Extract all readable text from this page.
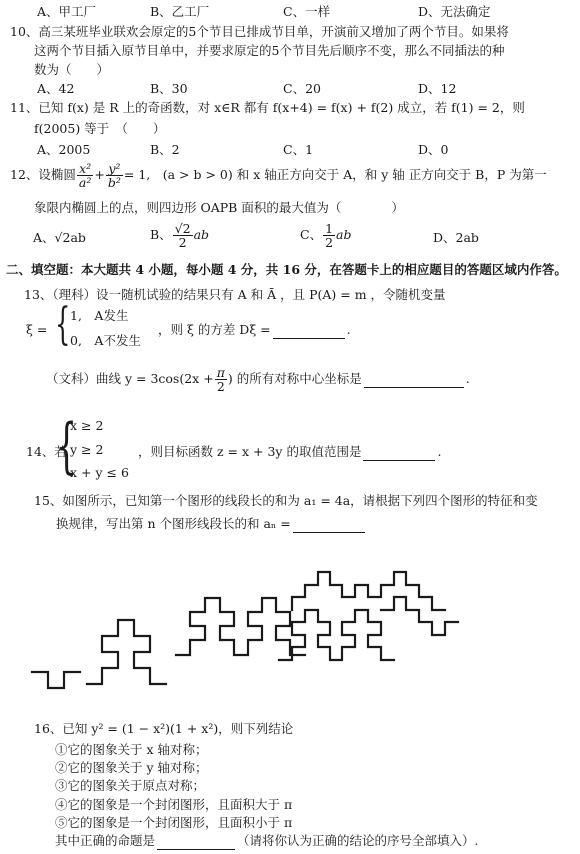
A、甲工厂	B、乙工厂	C、一样	D、无法确定
10、高三某班毕业联欢会原定的5个节目已排成节目单，开演前又增加了两个节目。如果将
这两个节目插入原节目单中，并要求原定的5个节目先后顺序不变，那么不同插法的种
数为（　　）
A、42	B、30	C、20	D、12
11、已知 f(x) 是 R 上的奇函数，对 x∈R 都有 f(x+4) = f(x) + f(2) 成立，若 f(1) = 2，则
f(2005) 等于　（　　）
A、2005	B、2	C、1	D、0
12、设椭圆 $\frac{\text{x²}}{\text{a²}} + \frac{\text{y²}}{\text{b²}} = 1$,　(a > b > 0) 和 x 轴正方向交于 A，和 y 轴 正方向交于 B，P 为第一
象限内椭圆上的点，则四边形 OAPB 面积的最大值为（　　　　）
A、√2ab	B、 $\frac{√2}{2}$ ab	C、 $\frac{1}{2}$ ab	D、2ab
二、填空题：本大题共 4 小题，每小题 4 分，共 16 分，在答题卡上的相应题目的答题区域内作答。
13、（理科）设一随机试验的结果只有 A 和 Ā ，且 P(A) = m ，令随机变量
ξ = { 1,　A发生
0,　A不发生
，则 ξ 的方差 Dξ =	.
（文科）曲线 $y = 3\cos(2x + \frac{\pi}{2}$ ) 的所有对称中心坐标是	.
14、若
{
x ≥ 2
y ≥ 2
x + y ≤ 6
，则目标函数 z = x + 3y 的取值范围是	.
15、如图所示，已知第一个图形的线段长的和为 a₁ = 4a，请根据下列四个图形的特征和变
换规律，写出第 n 个图形线段长的和 aₙ =
16、已知 y² = (1 − x²)(1 + x²)，则下列结论
①它的图象关于 x 轴对称；
②它的图象关于 y 轴对称；
③它的图象关于原点对称；
④它的图象是一个封闭图形，且面积大于 π
⑤它的图象是一个封闭图形，且面积小于 π
其中正确的命题是	（请将你认为正确的结论的序号全部填入）.
